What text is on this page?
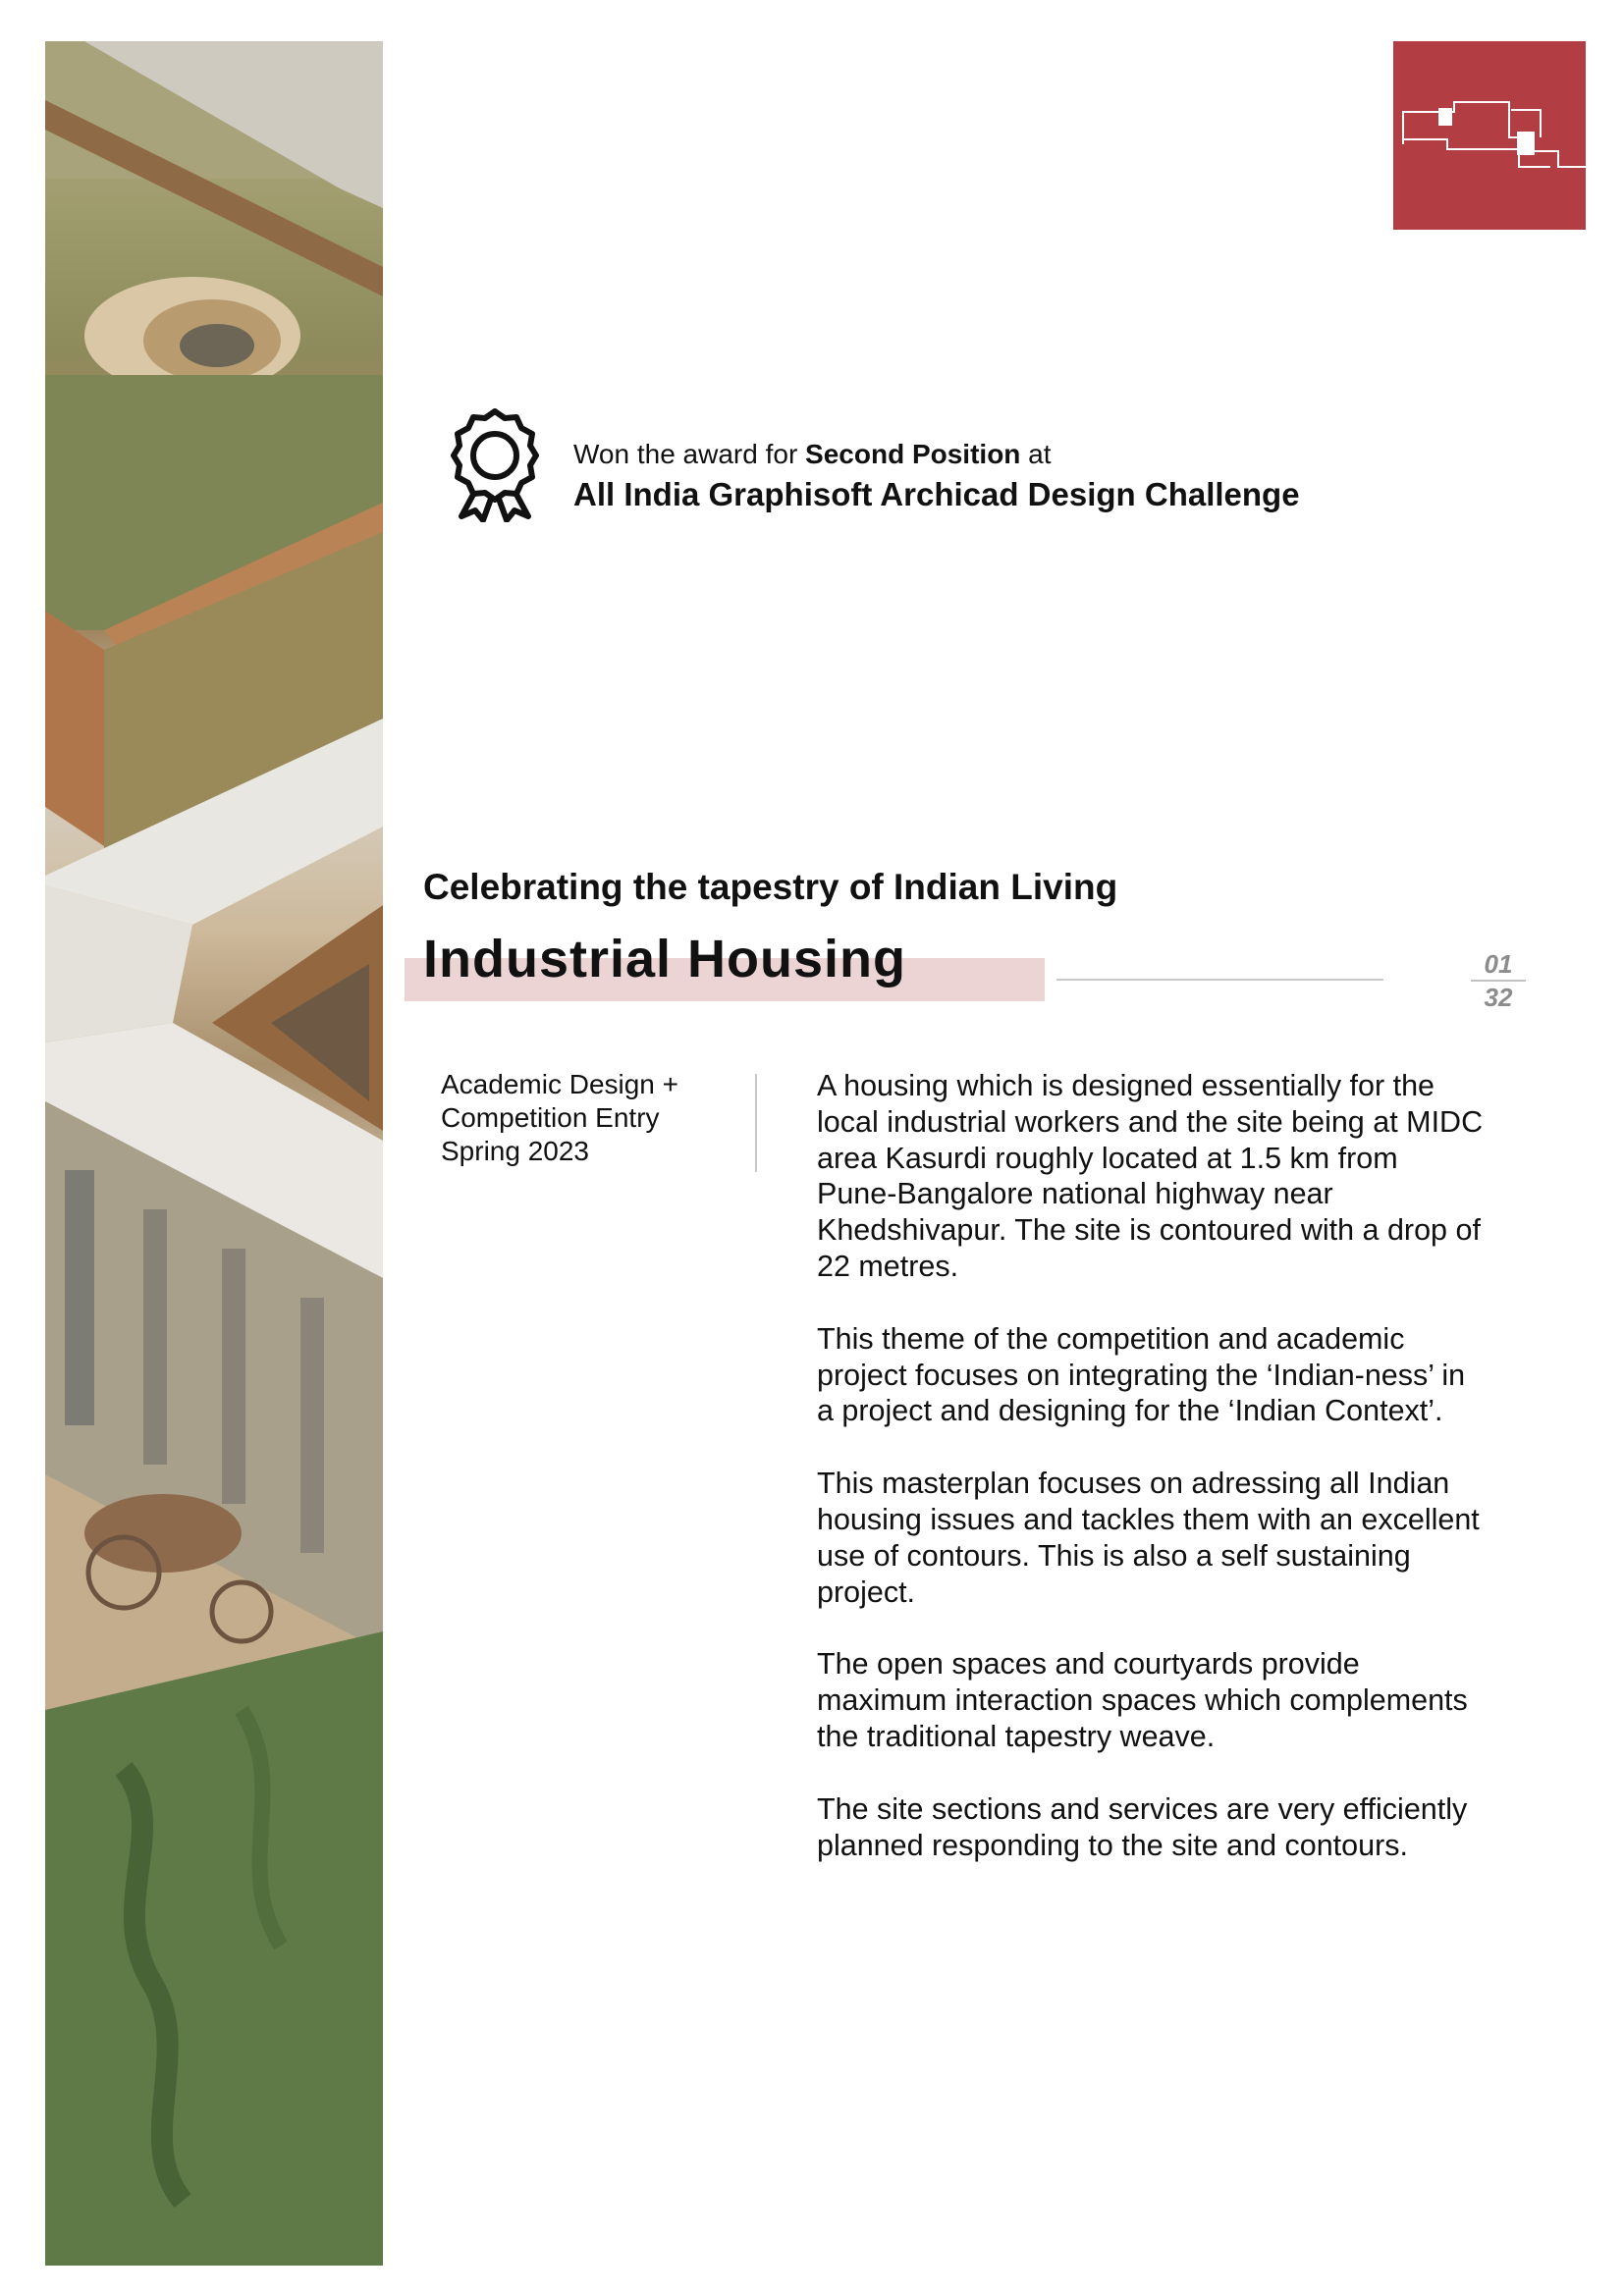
Won the award for Second Position at
All India Graphisoft Archicad Design Challenge
Celebrating the tapestry of Indian Living
Industrial Housing	01
32
Academic Design +
Competition Entry
Spring 2023

A housing which is designed essentially for the local industrial workers and the site being at MIDC area Kasurdi roughly located at 1.5 km from Pune-Bangalore national highway near Khedshivapur. The site is contoured with a drop of 22 metres.

This theme of the competition and academic project focuses on integrating the ‘Indian-ness’ in a project and designing for the ‘Indian Context’.

This masterplan focuses on adressing all Indian housing issues and tackles them with an excellent use of contours. This is also a self sustaining project.

The open spaces and courtyards provide maximum interaction spaces which complements the traditional tapestry weave.

The site sections and services are very efficiently planned responding to the site and contours.
